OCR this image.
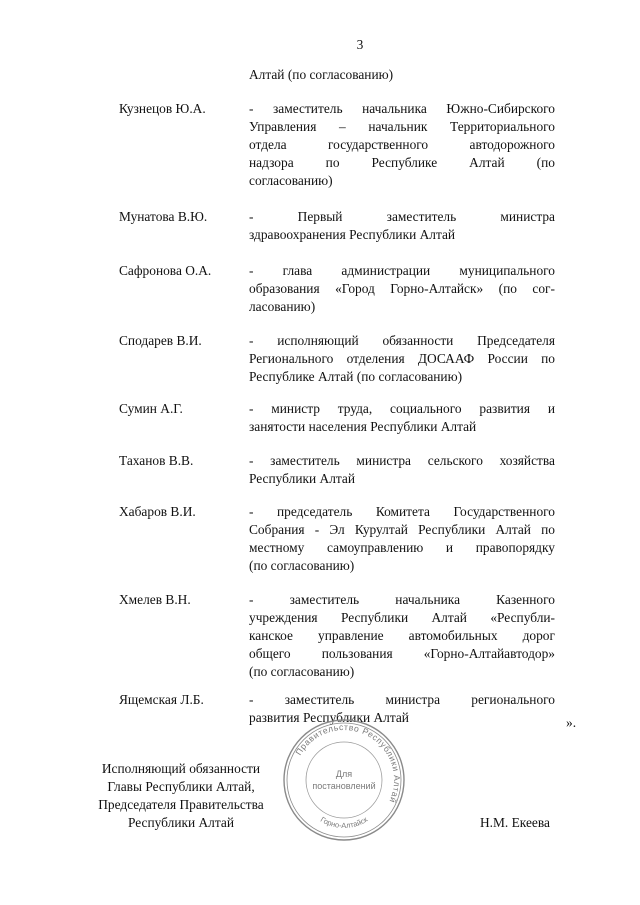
3
Алтай (по согласованию)
Кузнецов Ю.А.	- заместитель начальника Южно-Сибирского
Управления – начальник Территориального
отдела государственного автодорожного
надзора по Республике Алтай (по
согласованию)
Мунатова В.Ю.	- Первый заместитель министра
здравоохранения Республики Алтай
Сафронова О.А.	- глава администрации муниципального
образования «Город Горно-Алтайск» (по сог-
ласованию)
Сподарев В.И.	- исполняющий обязанности Председателя
Регионального отделения ДОСААФ России по
Республике Алтай (по согласованию)
Сумин А.Г.	- министр труда, социального развития и
занятости населения Республики Алтай
Таханов В.В.	- заместитель министра сельского хозяйства
Республики Алтай
Хабаров В.И.	- председатель Комитета Государственного
Собрания - Эл Курултай Республики Алтай по
местному самоуправлению и правопорядку
(по согласованию)
Хмелев В.Н.	- заместитель начальника Казенного
учреждения Республики Алтай «Республи-
канское управление автомобильных дорог
общего пользования «Горно-Алтайавтодор»
(по согласованию)
Ящемская Л.Б.	- заместитель министра регионального
развития Республики Алтай	».
Исполняющий обязанности
Главы Республики Алтай,
Председателя Правительства
Республики Алтай
Правительство Республики Алтай
Горно-Алтайск
Для
постановлений
Н.М. Екеева
